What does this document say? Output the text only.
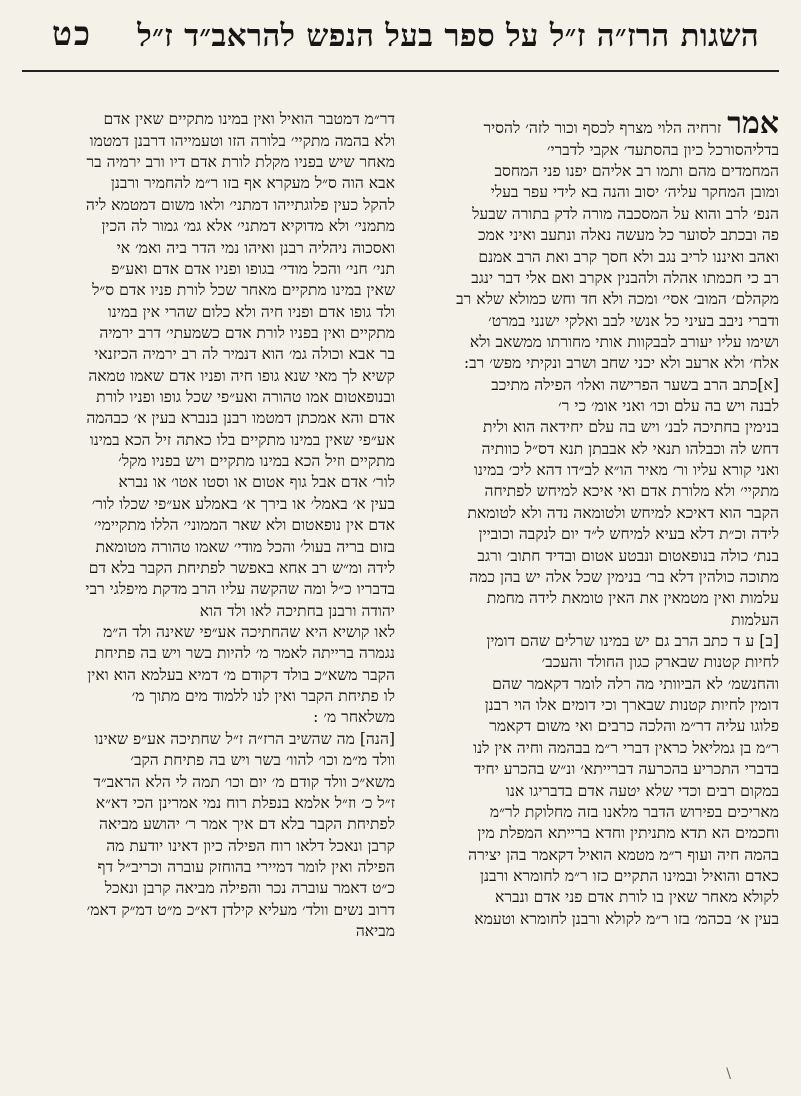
השגות הרז״ה ז״ל על ספר בעל הנפש להראב״ד ז״ל
כט

אמרזרחיה הלוי מצרף לכסף וכור לזה׳ להסיר
בדליהסורכל כיון בהסתעד׳ אקבי לדברי׳
המחמדים מהם ותמו רב אליהם יפנו פני המחסב
ומובן המחקר עליה׳ יסוב והנה בא לידי עפר בעלי
הנפ׳ לרב והוא על המסכבה מורה לדק בתורה שבעל
פה ובכתב לסוער כל מעשה נאלה ונתעב ואיני אמכ
ואהב ואיננו לריב נגב ולא חסך קרב ואת הרב אמנם
רב כי חכמתו אהלה ולהבנין אקרב ואם אלי דבר ינגב
מקהלם׳ המוב׳ אסי׳ ומכה ולא חד וחש כמולא שלא רב
ודברי ניבב בעיני כל אנשי לבב ואלקי ישנני במרט׳
ושימו עליו יעורב לבבקוות אותי מחורתו ממשאב ולא
אלח׳ ולא ארעב ולא יכני שחב ושרב ונקיתי מפש׳ רב:
[א]כתב הרב בשער הפרישה ואלו׳ הפילה מתיכב
לבנה ויש בה עלם וכו׳ ואני אומ׳ כי ר׳
בנימין בחתיכה לבנ׳ ויש בה עלם יחידאה הוא ולית
דחש לה וכבלהו תנאי לא אבבתן תנא דס״ל כוותיה
ואני קורא עליו ור׳ מאיר הו״א לב״דו דהא ליכ׳ במינו
מתקיי׳ ולא מלורת אדם ואי איכא למיחש לפתיחה
הקבר הוא דאיכא למיחש ולטומאה נדה ולא לטומאת
לידה וכ״ת דלא בעיא למיחש ל״ד יום לנקבה וכוביין
בנת׳ כולה בנופאטום ונבטע אטום ובדיד חתוב׳ ורגב
מתוכה כולהין דלא בר׳ בנימין שכל אלה יש בהן כמה
עלמות ואין מטמאין את האין טומאת לידה מחמת
העלמות
[ב] ע ד כתב הרב גם יש במינו שרלים שהם דומין
לחיות קטנות שבארק כגון החולד והעכב׳
והחנשמ׳ לא הביוותי מה רלה לומר דקאמר שהם
דומין לחיות קטנות שבארך וכי דומים אלו הוי רבנן
פלוגו עליה דר״מ והלכה כרבים ואי משום דקאמר
ר״מ בן גמליאל כראין דברי ר״מ בבהמה וחיה אין לנו
בדברי התכריע בהכרעה דברייתא׳ ונ״ש בהכרע יחיד
במקום רבים וכדי שלא יטעה אדם בדבריגו אנו
מאריכים בפירוש הדבר מלאנו בזה מחלוקת לר״מ
וחכמים הא תדא מתניתין וחדא ברייתא המפלת מין
בהמה חיה ועוף ר״מ מטמא הואיל דקאמר בהן יצירה
כאדם והואיל ובמינו התקיים כזו ר״מ לחומרא ורבנן
לקולא מאחר שאין בו לורת אדם פני אדם ונברא
בעין א׳ בכהמ׳ בזו ר״מ לקולא ורבנן לחומרא וטעמא

דר״מ דמטבר הואיל ואין במינו מתקיים שאין אדם
ולא בהמה מתקיי׳ בלורה הזו וטעמייהו דרבנן דמטמו
מאחר שיש בפניו מקלת לורת אדם דיו ורב ירמיה בר
אבא הוה ס״ל מעקרא אף בזו ר״מ להחמיר ורבנן
להקל כעין פלוגתייהו דמתני׳ ולאו משום דמטמא ליה
מתמני׳ ולא מדוקיא דמתני׳ אלא גמ׳ גמור לה הכין
ואסכוה ניהליה רבנן ואיהו נמי הדר ביה ואמ׳ אי
תני׳ חני׳ והכל מודי׳ בגופו ופניו אדם אדם ואע״פ
שאין במינו מתקיים מאחר שכל לורת פניו אדם ס״ל
ולד גופו אדם ופניו חיה ולא כלום שהרי אין במינו
מתקיים ואין בפניו לורת אדם כשמעתי׳ דרב ירמיה
בר אבא וכולה גמ׳ הוא דנמיר לה רב ירמיה הכיזנאי
קשיא לך מאי שנא גופו חיה ופניו אדם שאמו טמאה
ובנופאטום אמו טהורה ואע״פי שכל גופו ופניו לורת
אדם והא אמכתן דמטמו רבנן בנברא בעין א׳ כבהמה
אע״פי שאין במינו מתקיים בלו כאתה זיל הכא במינו
מתקיים וזיל הכא במינו מתקיים ויש בפניו מקל׳
לור׳ אדם אבל גוף אטום או וסטו אטו׳ או נברא
בעין א׳ באמל׳ או בירך א׳ באמלע אע״פי שכלו לור׳
אדם אין נופאטום ולא שאר הממוני׳ הללו מתקיימי׳
בזום בריה בעול׳ והכל מודי׳ שאמו טהורה מטומאת
לידה ומ״ש רב אחא באפשר לפתיחת הקבר בלא דם
בדבריו כ״ל ומה שהקשה עליו הרב מדקת מיפלגי רבי
יהודה ורבנן בחתיכה לאו ולד הוא
לאו קושיא היא שהחתיכה אע״פי שאינה ולד ה״מ
נגמרה ברייתה לאמר מ׳ להיות בשר ויש בה פתיחת
הקבר משא״כ בולד דקודם מ׳ דמיא בעלמא הוא ואין
לו פתיחת הקבר ואין לנו ללמוד מים מתוך מ׳
משלאחר מ׳ :
[הנה] מה שהשיב הרז״ה ז״ל שחתיכה אע״פ שאינו
וולד מ״מ וכו׳ להוו׳ בשר ויש בה פתיחת הקב׳
משא״כ וולד קודם מ׳ יום וכו׳ תמה לי הלא הראב״ד
ז״ל כ׳ וז״ל אלמא בנפלת רוח נמי אמרינן הכי דא״א
לפתיחת הקבר בלא דם איך אמר ר׳ יהושע מביאה
קרבן ונאכל דלאו רוח הפילה כיון דאינו יודעת מה
הפילה ואין לומר דמיירי בהוחזק עוברה וכריב״ל דף
כ״ט דאמר עוברה נכר והפילה מביאה קרבן ונאכל
דרוב נשים וולד׳ מעליא קילדן דא״כ מ״ט דמ״ק דאמ׳
מביאה

\
